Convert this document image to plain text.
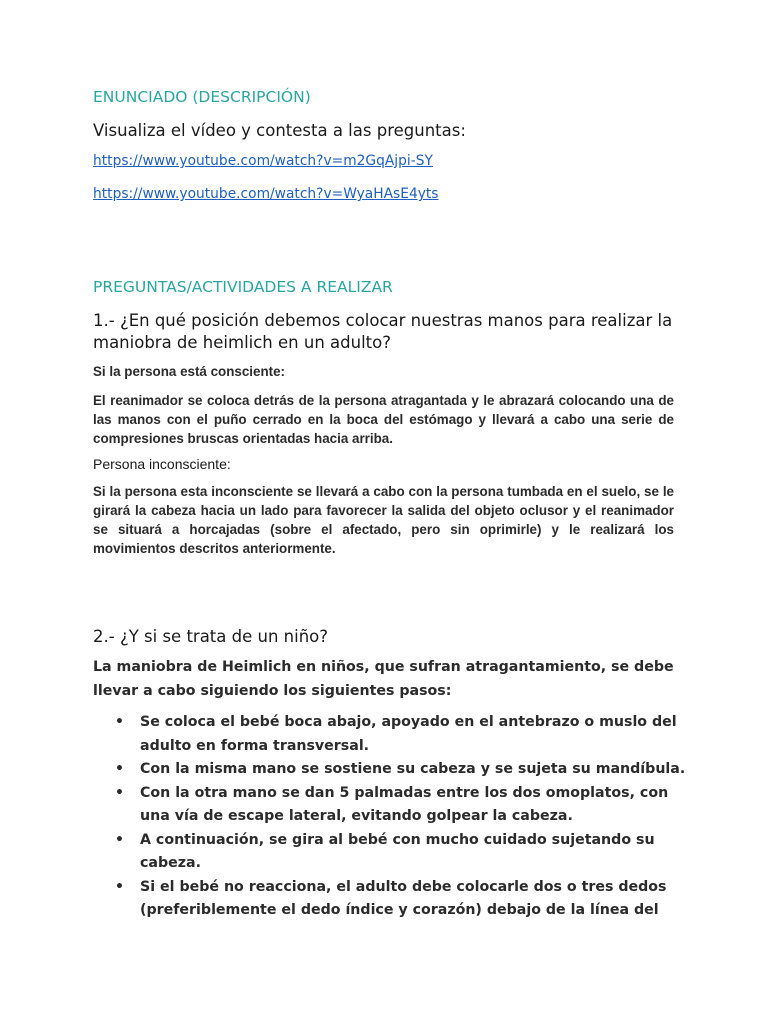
ENUNCIADO (DESCRIPCIÓN)
Visualiza el vídeo y contesta a las preguntas:
https://www.youtube.com/watch?v=m2GqAjpi-SY
https://www.youtube.com/watch?v=WyaHAsE4yts
PREGUNTAS/ACTIVIDADES A REALIZAR
1.- ¿En qué posición debemos colocar nuestras manos para realizar la maniobra de heimlich en un adulto?
Si la persona está consciente:
El reanimador se coloca detrás de la persona atragantada y le abrazará colocando una de las manos con el puño cerrado en la boca del estómago y llevará a cabo una serie de compresiones bruscas orientadas hacia arriba.
Persona inconsciente:
Si la persona esta inconsciente se llevará a cabo con la persona tumbada en el suelo, se le girará la cabeza hacia un lado para favorecer la salida del objeto oclusor y el reanimador se situará a horcajadas (sobre el afectado, pero sin oprimirle) y le realizará los movimientos descritos anteriormente.
2.- ¿Y si se trata de un niño?
La maniobra de Heimlich en niños, que sufran atragantamiento, se debe llevar a cabo siguiendo los siguientes pasos:
• Se coloca el bebé boca abajo, apoyado en el antebrazo o muslo del adulto en forma transversal.
• Con la misma mano se sostiene su cabeza y se sujeta su mandíbula.
• Con la otra mano se dan 5 palmadas entre los dos omoplatos, con una vía de escape lateral, evitando golpear la cabeza.
• A continuación, se gira al bebé con mucho cuidado sujetando su cabeza.
• Si el bebé no reacciona, el adulto debe colocarle dos o tres dedos (preferiblemente el dedo índice y corazón) debajo de la línea del
